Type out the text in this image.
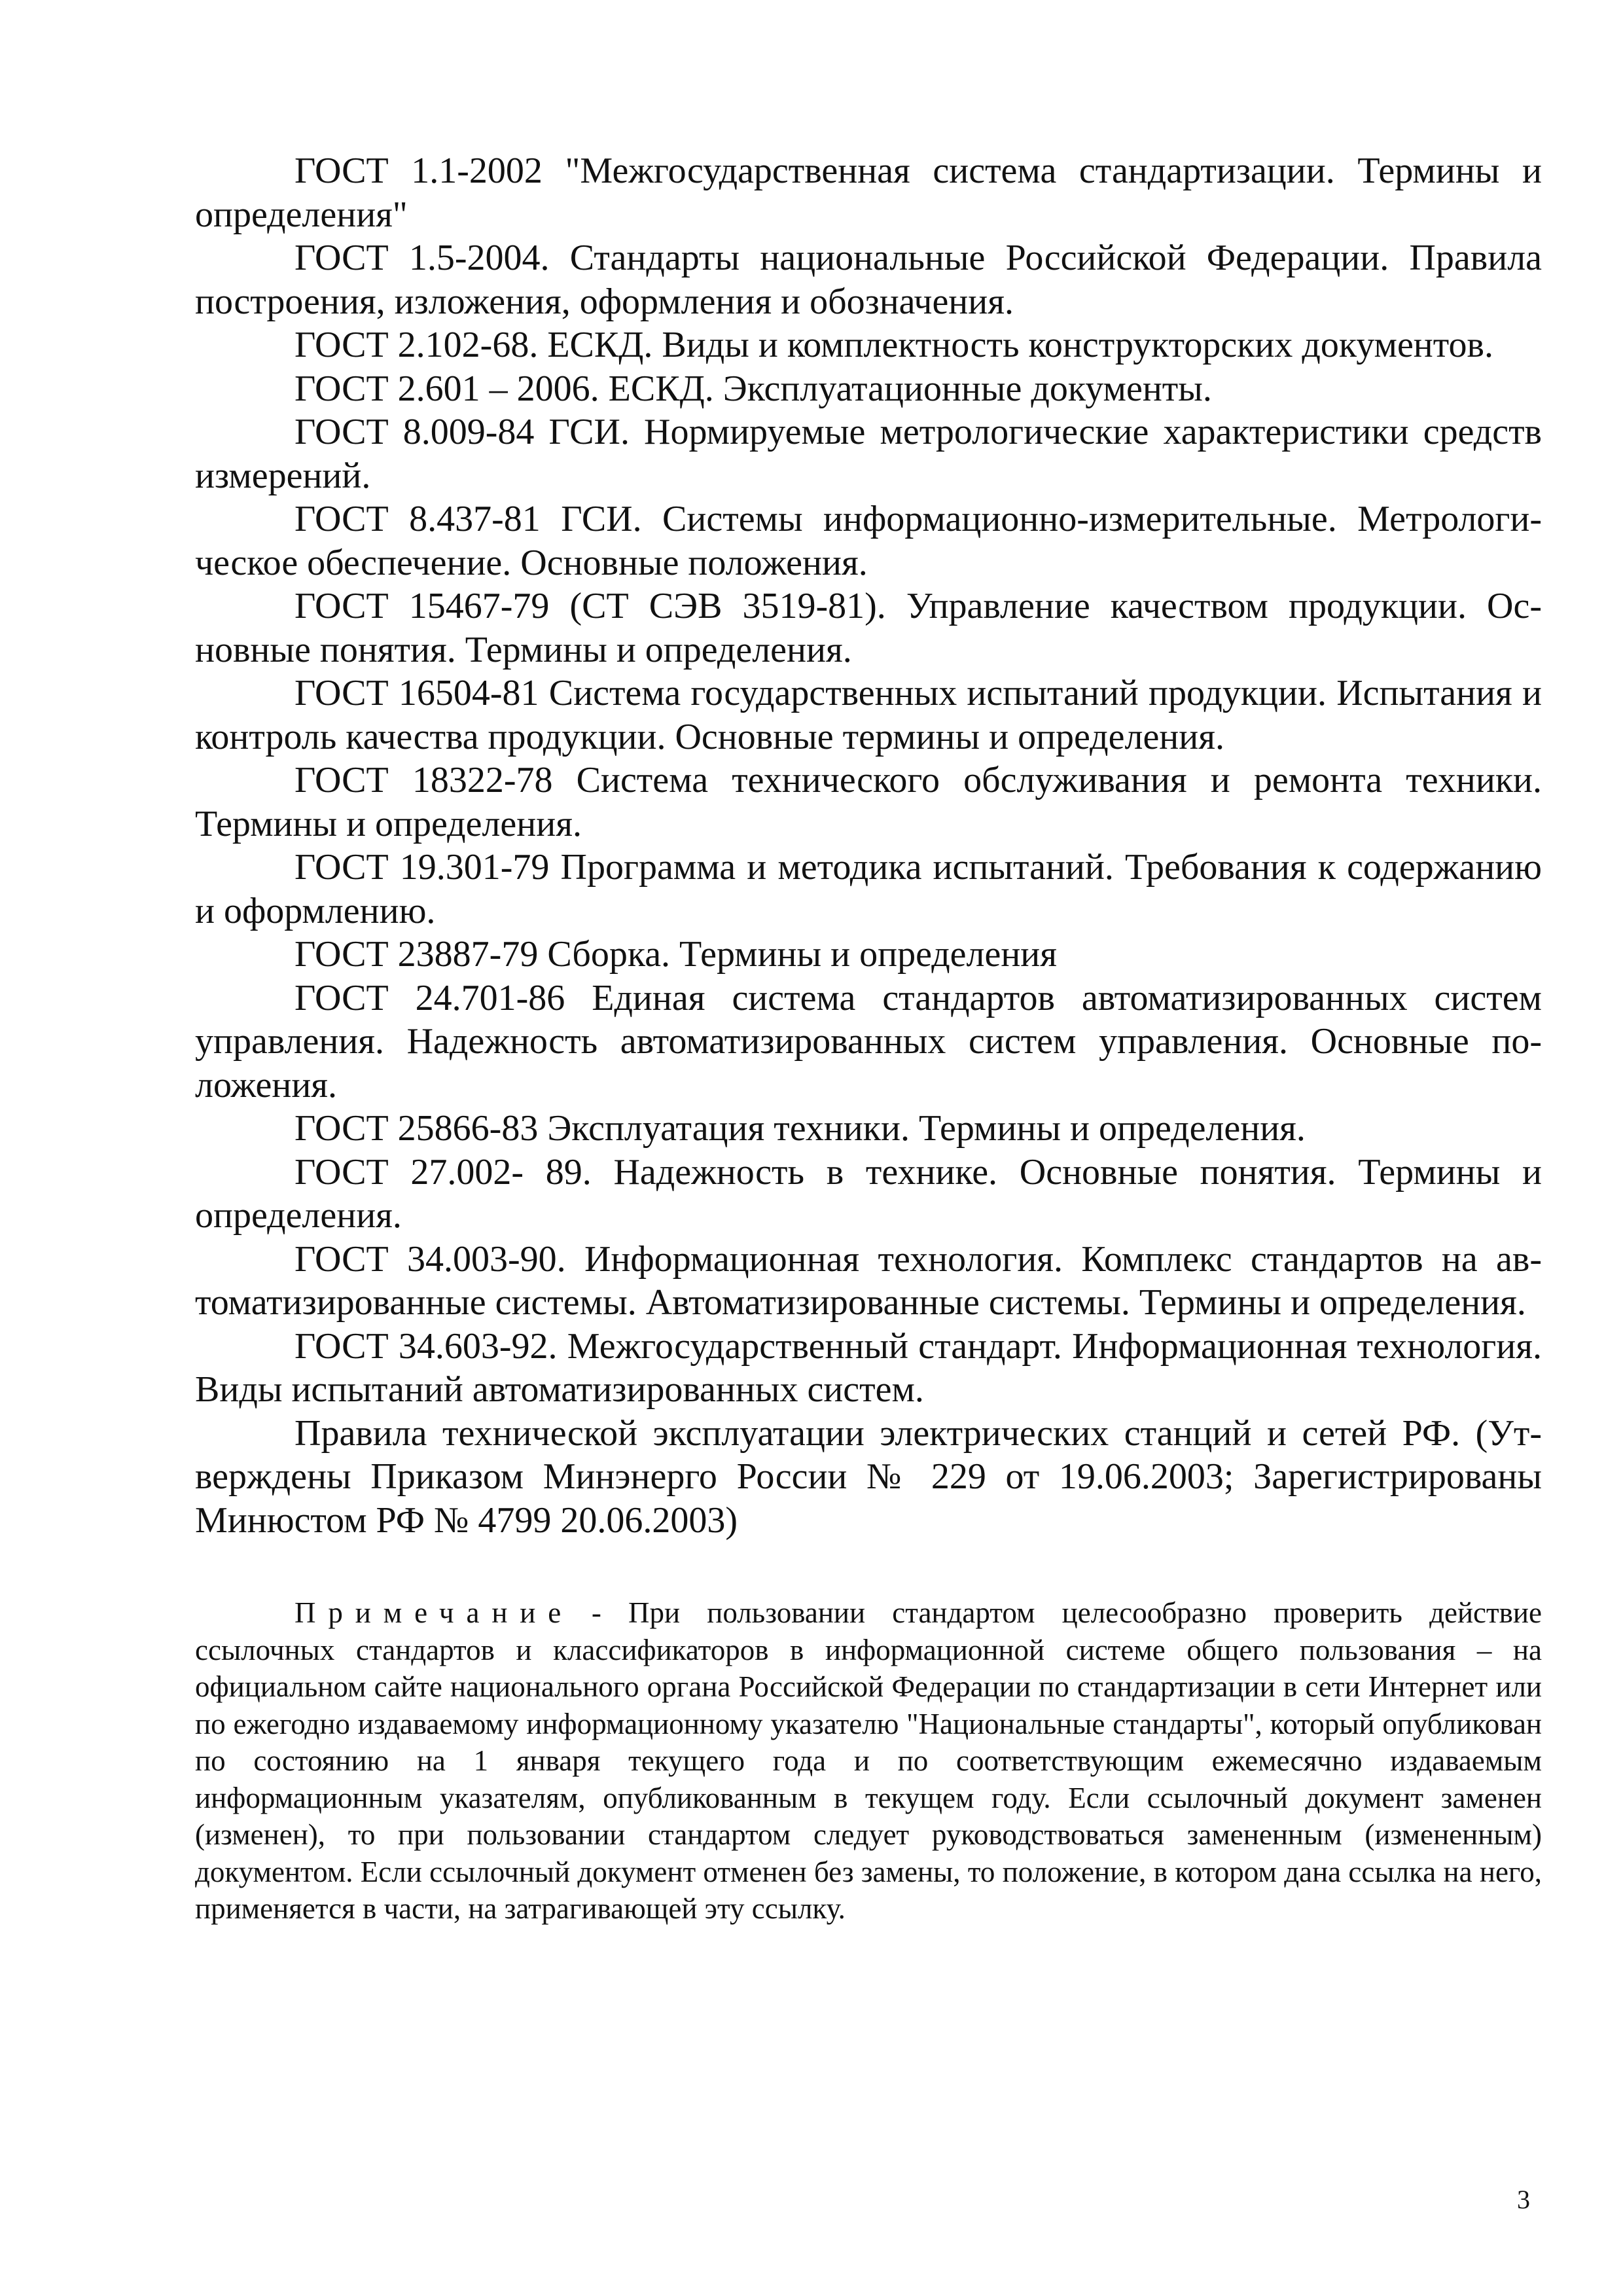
ГОСТ 1.1-2002 "Межгосударственная система стандартизации. Термины и определения"

ГОСТ 1.5-2004. Стандарты национальные Российской Федерации. Правила построения, изложения, оформления и обозначения.

ГОСТ 2.102-68. ЕСКД. Виды и комплектность конструкторских документов.

ГОСТ 2.601 – 2006. ЕСКД. Эксплуатационные документы.

ГОСТ 8.009-84 ГСИ. Нормируемые метрологические характеристики средств измерений.

ГОСТ 8.437-81 ГСИ. Системы информационно-измерительные. Метрологическое обеспечение. Основные положения.

ГОСТ 15467-79 (СТ СЭВ 3519-81). Управление качеством продукции. Основные понятия. Термины и определения.

ГОСТ 16504-81 Система государственных испытаний продукции. Испытания и контроль качества продукции. Основные термины и определения.

ГОСТ 18322-78 Система технического обслуживания и ремонта техники. Термины и определения.

ГОСТ 19.301-79 Программа и методика испытаний. Требования к содержанию и оформлению.

ГОСТ 23887-79 Сборка. Термины и определения

ГОСТ 24.701-86 Единая система стандартов автоматизированных систем управления. Надежность автоматизированных систем управления. Основные положения.

ГОСТ 25866-83 Эксплуатация техники. Термины и определения.

ГОСТ 27.002- 89. Надежность в технике. Основные понятия. Термины и определения.

ГОСТ 34.003-90. Информационная технология. Комплекс стандартов на автоматизированные системы. Автоматизированные системы. Термины и определения.

ГОСТ 34.603-92. Межгосударственный стандарт. Информационная технология. Виды испытаний автоматизированных систем.

Правила технической эксплуатации электрических станций и сетей РФ. (Утверждены Приказом Минэнерго России № 229 от 19.06.2003; Зарегистрированы Минюстом РФ № 4799 20.06.2003)

Примечание - При пользовании стандартом целесообразно проверить действие ссылочных стандартов и классификаторов в информационной системе общего пользования – на официальном сайте национального органа Российской Федерации по стандартизации в сети Интернет или по ежегодно издаваемому информационному указателю "Национальные стандарты", который опубликован по состоянию на 1 января текущего года и по соответствующим ежемесячно издаваемым информационным указателям, опубликованным в текущем году. Если ссылочный документ заменен (изменен), то при пользовании стандартом следует руководствоваться замененным (измененным) документом. Если ссылочный документ отменен без замены, то положение, в котором дана ссылка на него, применяется в части, на затрагивающей эту ссылку.
3
